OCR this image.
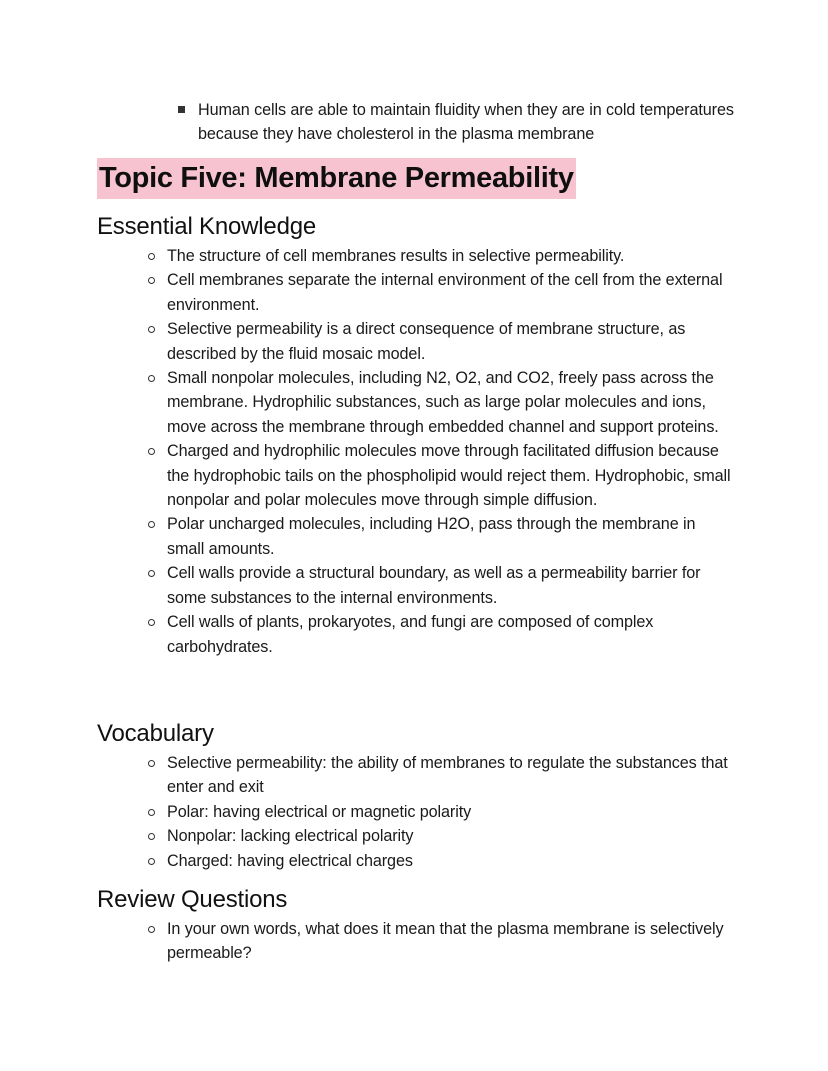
Human cells are able to maintain fluidity when they are in cold temperatures because they have cholesterol in the plasma membrane
Topic Five: Membrane Permeability
Essential Knowledge
The structure of cell membranes results in selective permeability.
Cell membranes separate the internal environment of the cell from the external environment.
Selective permeability is a direct consequence of membrane structure, as described by the fluid mosaic model.
Small nonpolar molecules, including N2, O2, and CO2, freely pass across the membrane. Hydrophilic substances, such as large polar molecules and ions, move across the membrane through embedded channel and support proteins.
Charged and hydrophilic molecules move through facilitated diffusion because the hydrophobic tails on the phospholipid would reject them. Hydrophobic, small nonpolar and polar molecules move through simple diffusion.
Polar uncharged molecules, including H2O, pass through the membrane in small amounts.
Cell walls provide a structural boundary, as well as a permeability barrier for some substances to the internal environments.
Cell walls of plants, prokaryotes, and fungi are composed of complex carbohydrates.
Vocabulary
Selective permeability: the ability of membranes to regulate the substances that enter and exit
Polar: having electrical or magnetic polarity
Nonpolar: lacking electrical polarity
Charged: having electrical charges
Review Questions
In your own words, what does it mean that the plasma membrane is selectively permeable?
